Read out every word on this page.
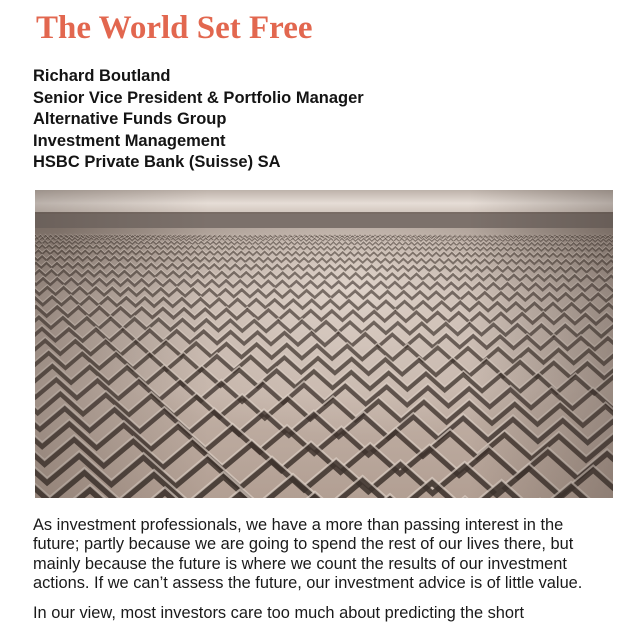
The World Set Free
Richard Boutland
Senior Vice President & Portfolio Manager
Alternative Funds Group
Investment Management
HSBC Private Bank (Suisse) SA

As investment professionals, we have a more than passing interest in the future; partly because we are going to spend the rest of our lives there, but mainly because the future is where we count the results of our investment actions. If we can’t assess the future, our investment advice is of little value.

In our view, most investors care too much about predicting the short
